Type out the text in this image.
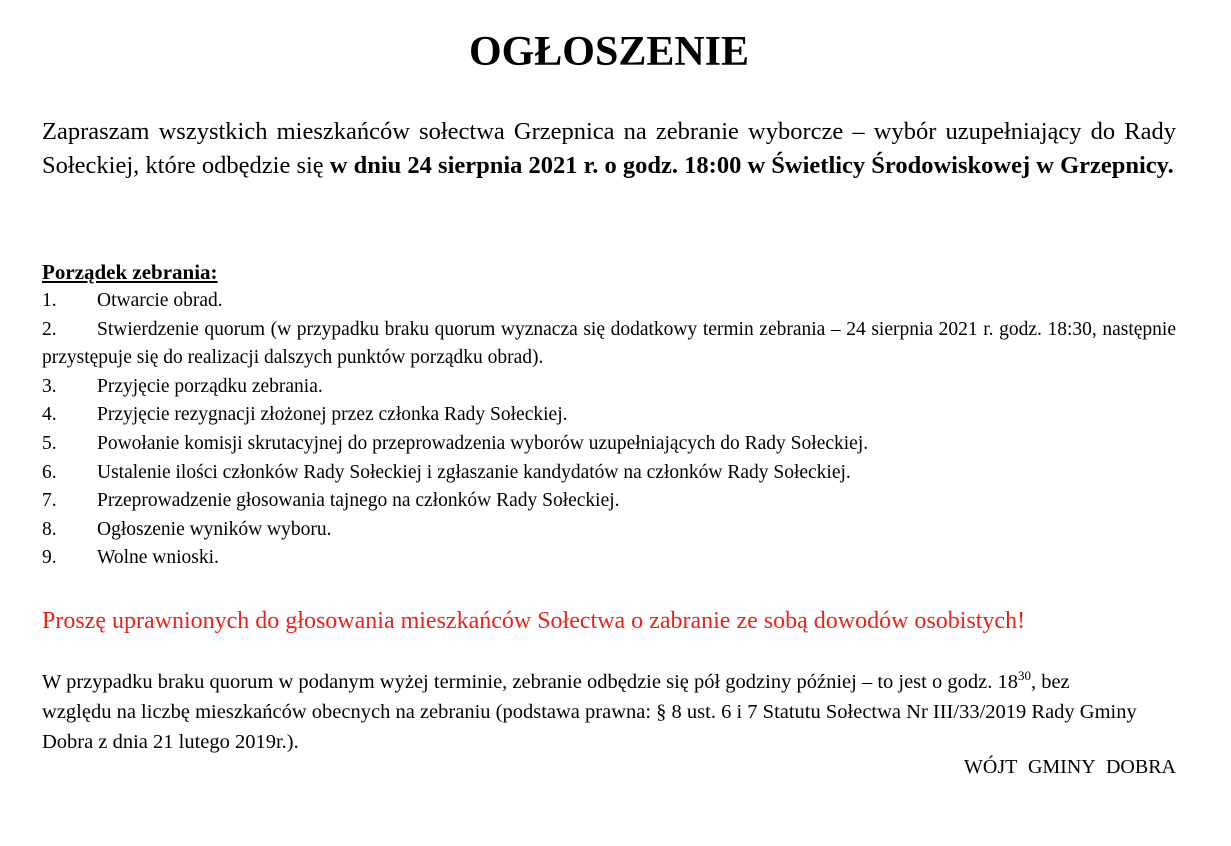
OGŁOSZENIE
Zapraszam wszystkich mieszkańców sołectwa Grzepnica na zebranie wyborcze – wybór uzupełniający do Rady Sołeckiej, które odbędzie się w dniu 24 sierpnia 2021 r. o godz. 18:00 w Świetlicy Środowiskowej w Grzepnicy.
Porządek zebrania:
1. Otwarcie obrad.
2. Stwierdzenie quorum (w przypadku braku quorum wyznacza się dodatkowy termin zebrania – 24 sierpnia 2021 r. godz. 18:30, następnie przystępuje się do realizacji dalszych punktów porządku obrad).
3. Przyjęcie porządku zebrania.
4. Przyjęcie rezygnacji złożonej przez członka Rady Sołeckiej.
5. Powołanie komisji skrutacyjnej do przeprowadzenia wyborów uzupełniających do Rady Sołeckiej.
6. Ustalenie ilości członków Rady Sołeckiej i zgłaszanie kandydatów na członków Rady Sołeckiej.
7. Przeprowadzenie głosowania tajnego na członków Rady Sołeckiej.
8. Ogłoszenie wyników wyboru.
9. Wolne wnioski.
Proszę uprawnionych do głosowania mieszkańców Sołectwa o zabranie ze sobą dowodów osobistych!
W przypadku braku quorum w podanym wyżej terminie, zebranie odbędzie się pół godziny później – to jest o godz. $18^{30}$, bez względu na liczbę mieszkańców obecnych na zebraniu (podstawa prawna: § 8 ust. 6 i 7 Statutu Sołectwa Nr III/33/2019 Rady Gminy Dobra z dnia 21 lutego 2019r.).
WÓJT GMINY DOBRA
